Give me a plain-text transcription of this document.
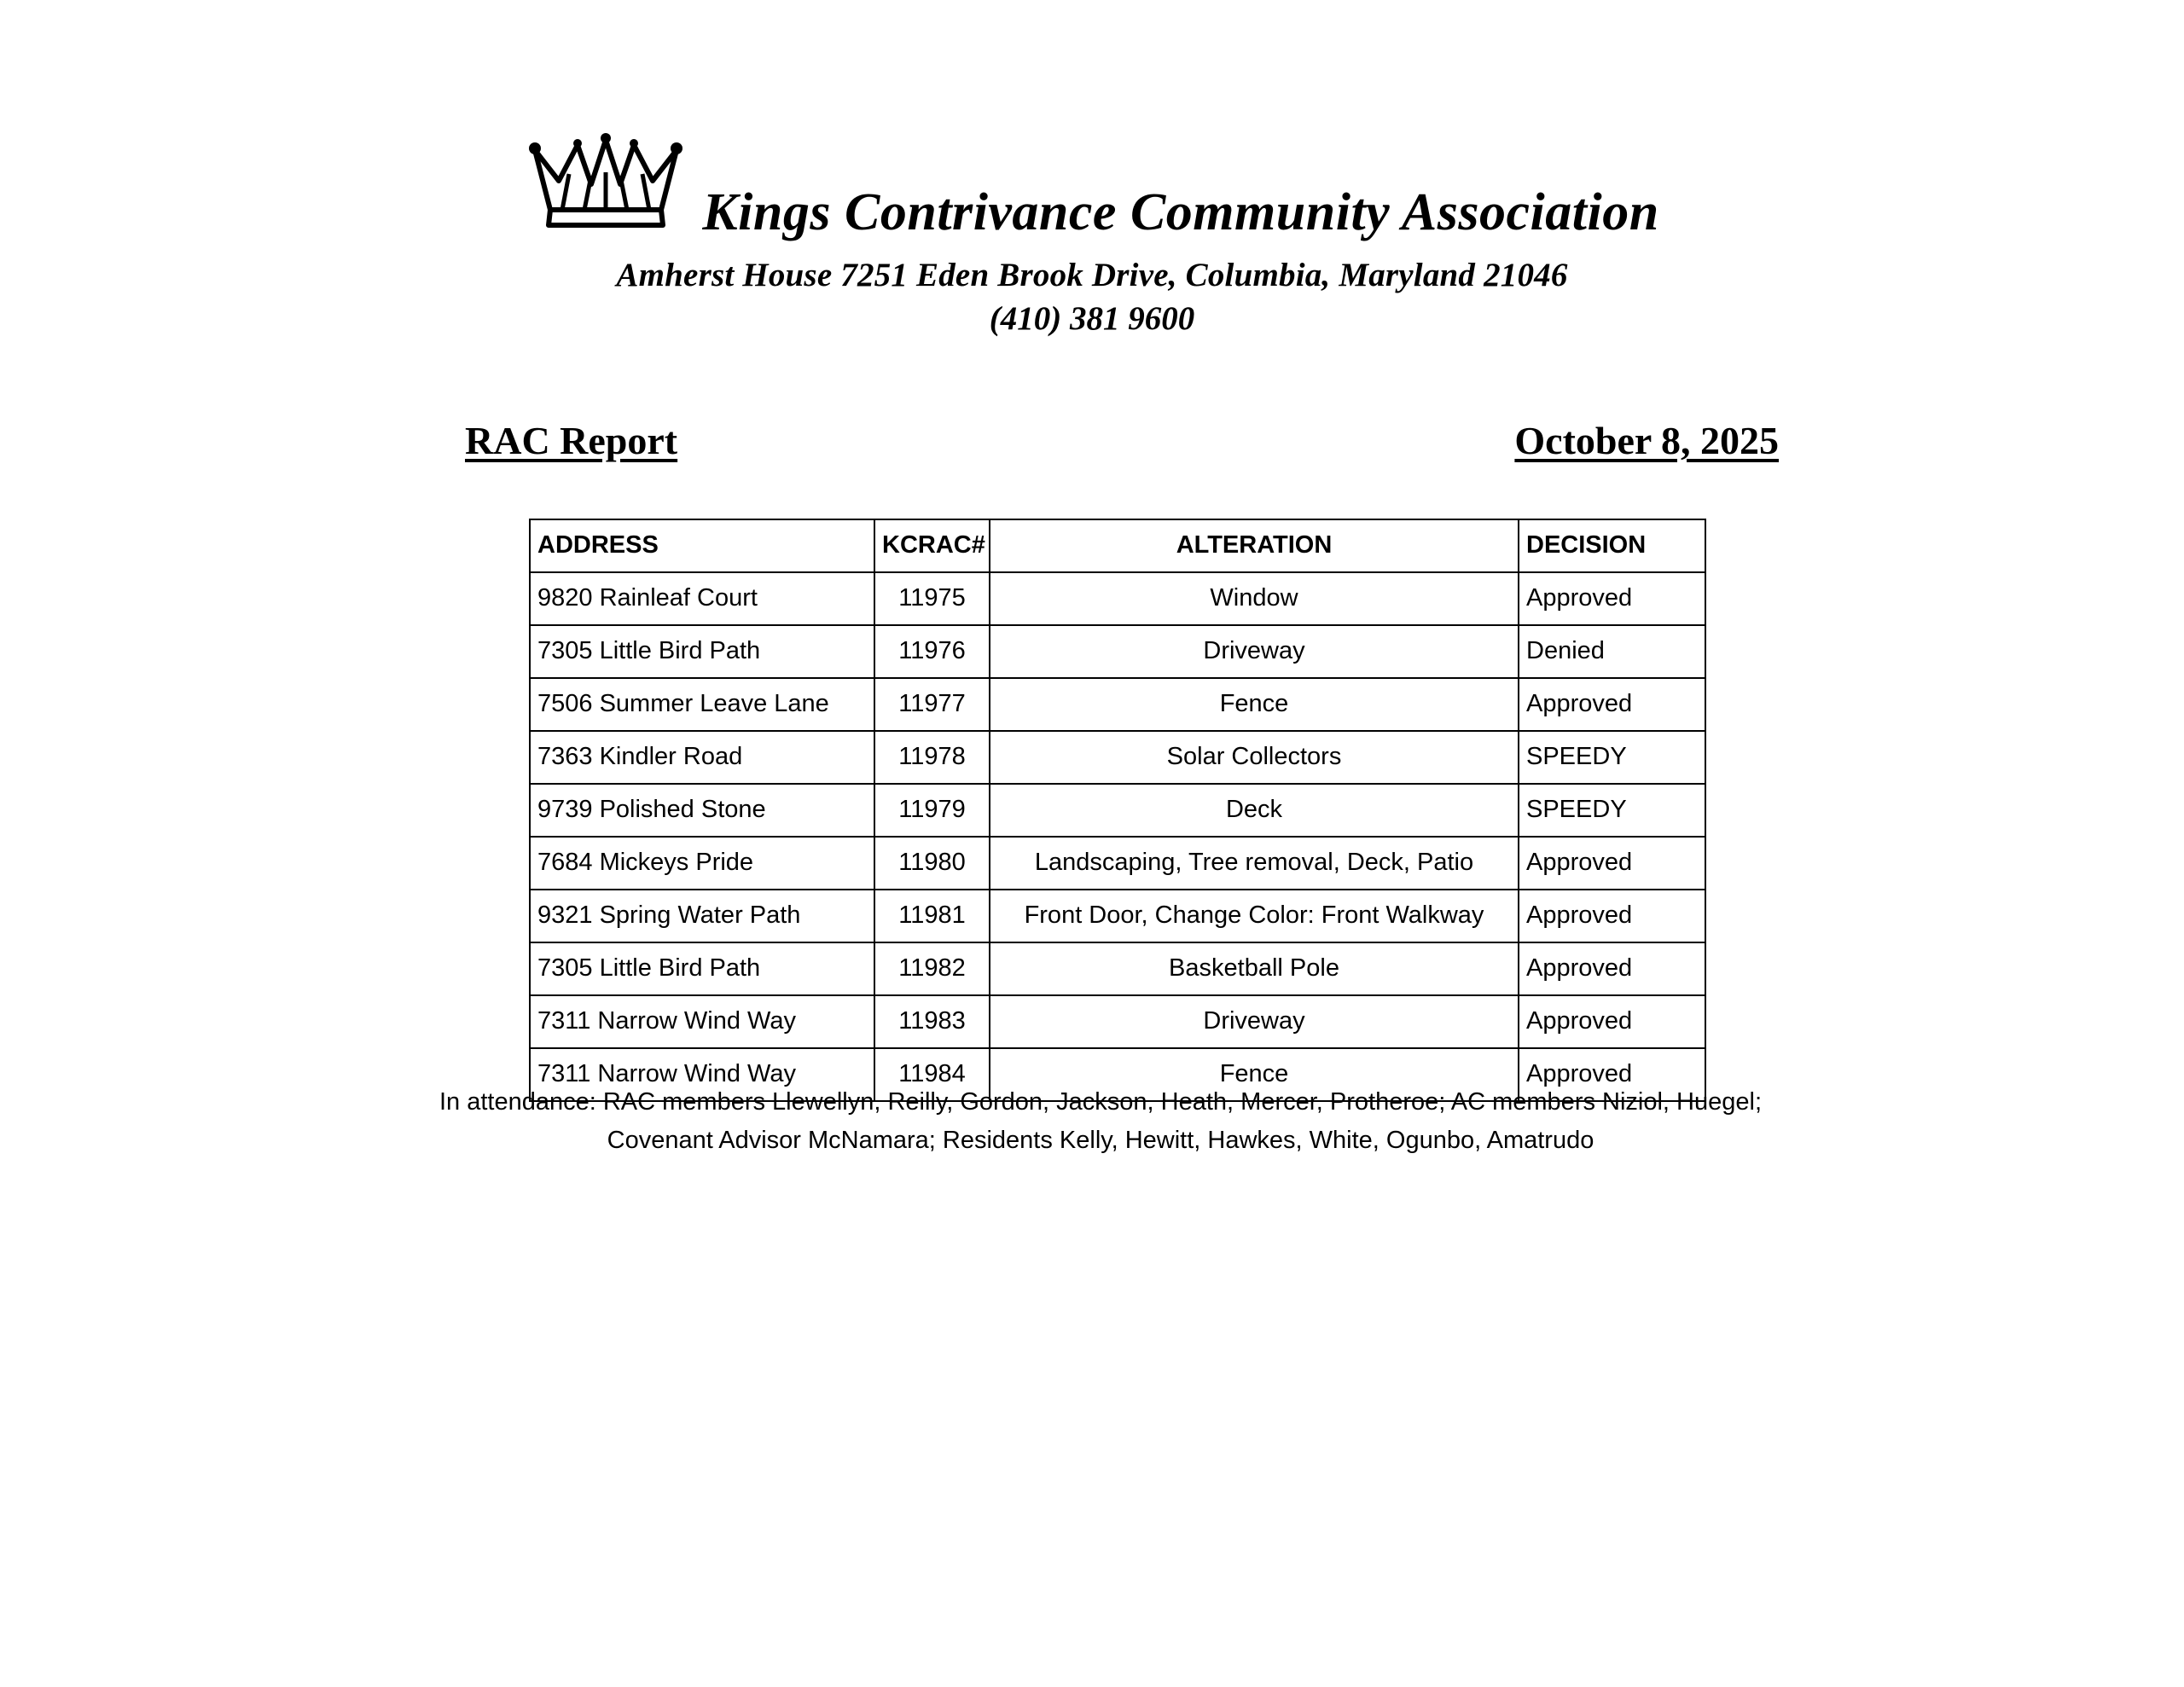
Kings Contrivance Community Association
Amherst House 7251 Eden Brook Drive, Columbia, Maryland 21046
(410) 381 9600
RAC Report	October 8, 2025
ADDRESS	KCRAC#	ALTERATION	DECISION
9820 Rainleaf Court	11975	Window	Approved
7305 Little Bird Path	11976	Driveway	Denied
7506 Summer Leave Lane	11977	Fence	Approved
7363 Kindler Road	11978	Solar Collectors	SPEEDY
9739 Polished Stone	11979	Deck	SPEEDY
7684 Mickeys Pride	11980	Landscaping, Tree removal, Deck, Patio	Approved
9321 Spring Water Path	11981	Front Door, Change Color: Front Walkway	Approved
7305 Little Bird Path	11982	Basketball Pole	Approved
7311 Narrow Wind Way	11983	Driveway	Approved
7311 Narrow Wind Way	11984	Fence	Approved
In attendance: RAC members Llewellyn, Reilly, Gordon, Jackson, Heath, Mercer, Protheroe; AC members Niziol, Huegel;
Covenant Advisor McNamara; Residents Kelly, Hewitt, Hawkes, White, Ogunbo, Amatrudo
